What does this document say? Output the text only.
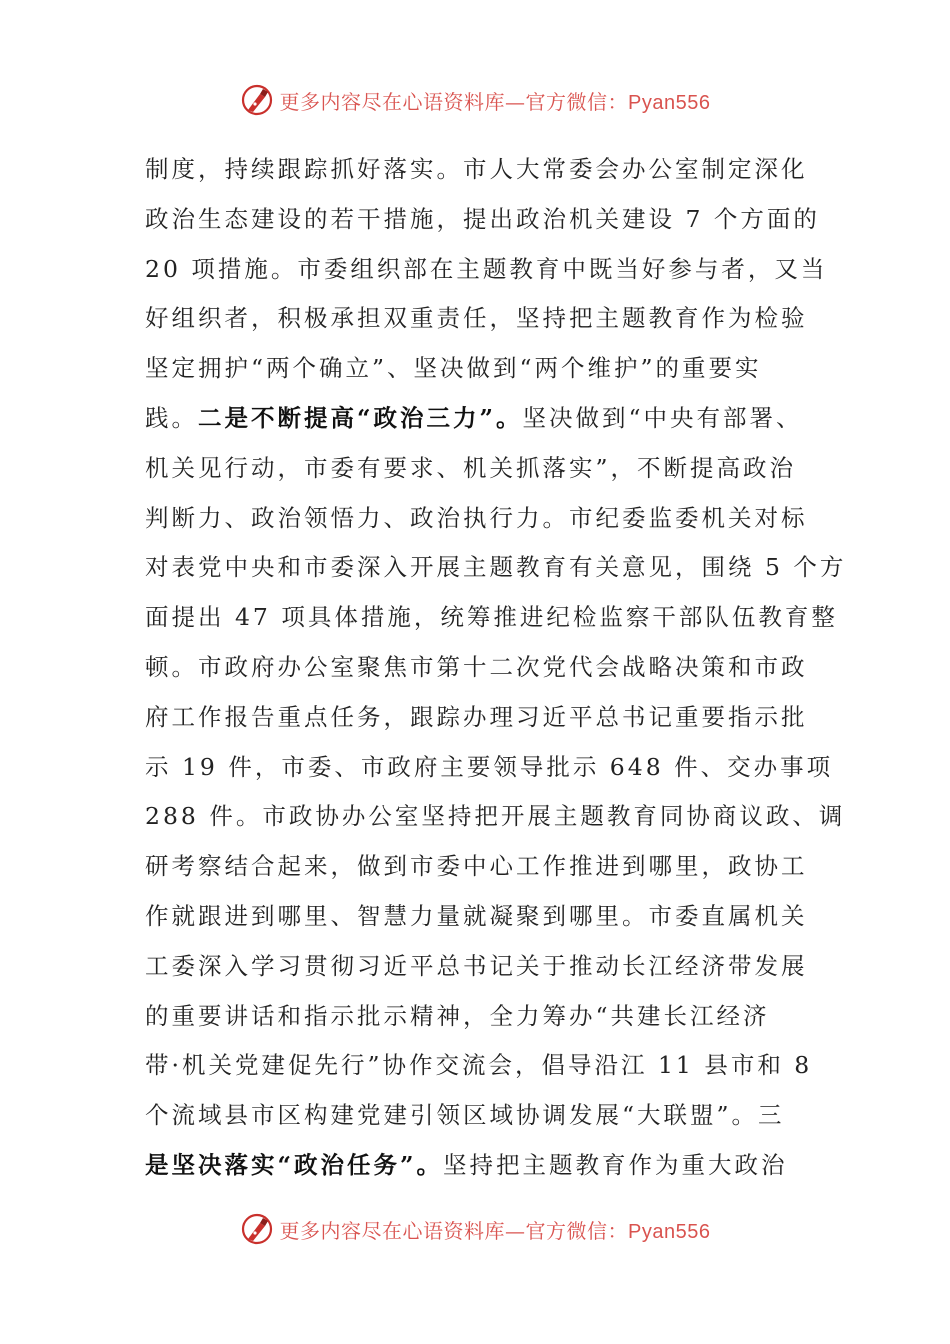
更多内容尽在心语资料库—官方微信：Pyan556
制度，持续跟踪抓好落实。市人大常委会办公室制定深化
政治生态建设的若干措施，提出政治机关建设 7 个方面的
20 项措施。市委组织部在主题教育中既当好参与者，又当
好组织者，积极承担双重责任，坚持把主题教育作为检验
坚定拥护“两个确立”、坚决做到“两个维护”的重要实
践。二是不断提高“政治三力”。坚决做到“中央有部署、
机关见行动，市委有要求、机关抓落实”，不断提高政治
判断力、政治领悟力、政治执行力。市纪委监委机关对标
对表党中央和市委深入开展主题教育有关意见，围绕 5 个方
面提出 47 项具体措施，统筹推进纪检监察干部队伍教育整
顿。市政府办公室聚焦市第十二次党代会战略决策和市政
府工作报告重点任务，跟踪办理习近平总书记重要指示批
示 19 件，市委、市政府主要领导批示 648 件、交办事项
288 件。市政协办公室坚持把开展主题教育同协商议政、调
研考察结合起来，做到市委中心工作推进到哪里，政协工
作就跟进到哪里、智慧力量就凝聚到哪里。市委直属机关
工委深入学习贯彻习近平总书记关于推动长江经济带发展
的重要讲话和指示批示精神，全力筹办“共建长江经济
带·机关党建促先行”协作交流会，倡导沿江 11 县市和 8
个流域县市区构建党建引领区域协调发展“大联盟”。三
是坚决落实“政治任务”。坚持把主题教育作为重大政治
更多内容尽在心语资料库—官方微信：Pyan556
